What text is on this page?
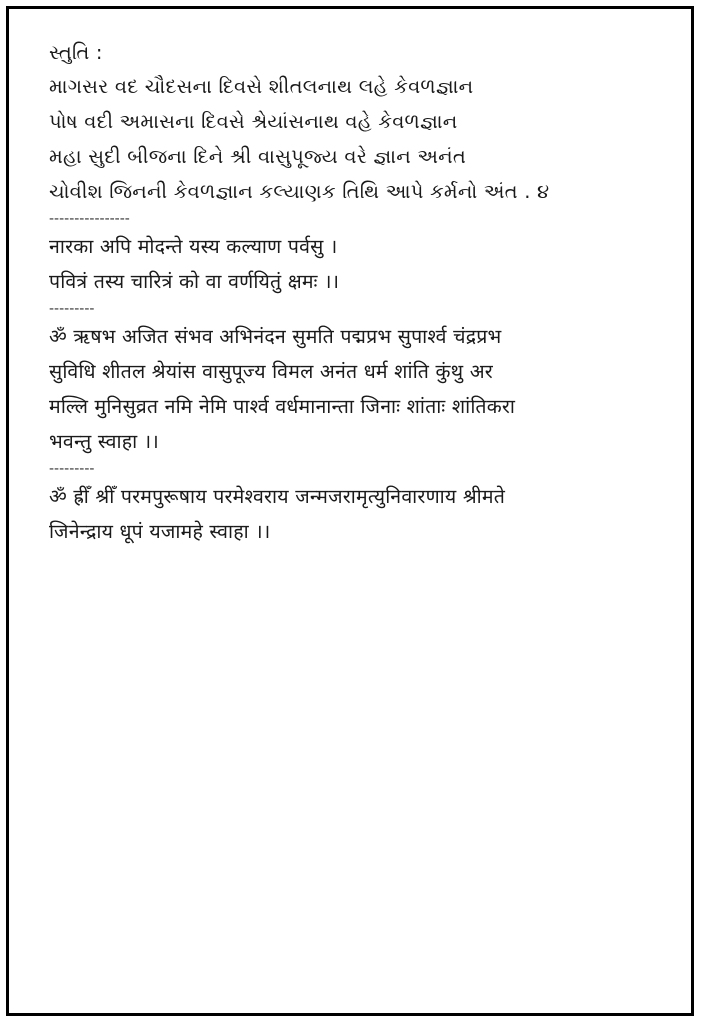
સ્તુતિ :
માગસર વદ ચૌદસના દિવસે શીતલનાથ લહે કેવળજ્ઞાન
પોષ વદી અમાસના દિવસે શ્રેયાંસનાથ વહે કેવળજ્ઞાન
મહા સુદી બીજના દિને શ્રી વાસુપૂજ્ય વરે જ્ઞાન અનંત
ચોવીશ જિનની કેવળજ્ઞાન કલ્યાણક તિથિ આપે કર્મનો અંત . ૪
----------------
नारका अपि मोदन्ते यस्य कल्याण पर्वसु ।
पवित्रं तस्य चारित्रं को वा वर्णयितुं क्षमः ।।
---------
ॐ ऋषभ अजित संभव अभिनंदन सुमति पद्मप्रभ सुपार्श्व चंद्रप्रभ
सुविधि शीतल श्रेयांस वासुपूज्य विमल अनंत धर्म शांति कुंथु अर
मल्लि मुनिसुव्रत नमि नेमि पार्श्व वर्धमानान्ता जिनाः शांताः शांतिकरा
भवन्तु स्वाहा ।।
---------
ॐ ह्रीँ श्रीँ परमपुरूषाय परमेश्वराय जन्मजरामृत्युनिवारणाय श्रीमते
जिनेन्द्राय धूपं यजामहे स्वाहा ।।
